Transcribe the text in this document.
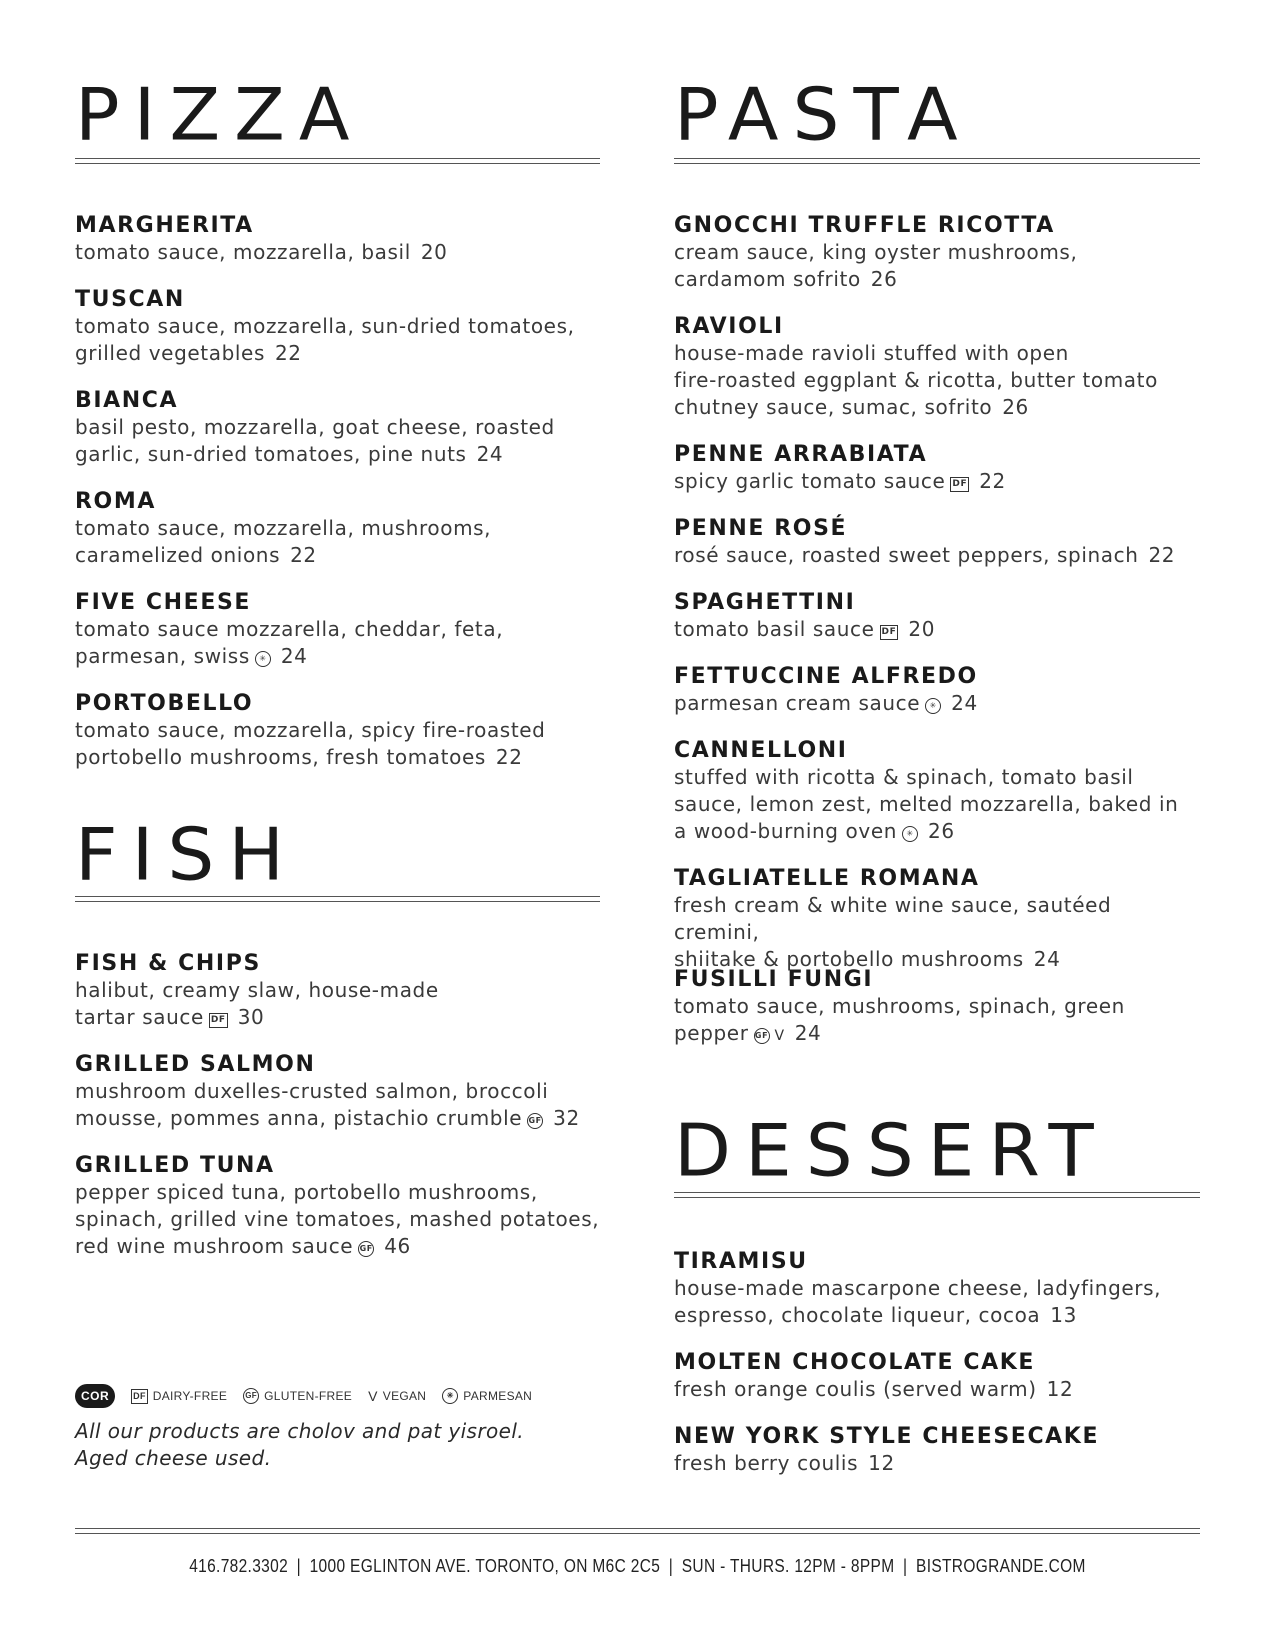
PIZZA
MARGHERITA
tomato sauce, mozzarella, basil 20
TUSCAN
tomato sauce, mozzarella, sun-dried tomatoes,
grilled vegetables 22
BIANCA
basil pesto, mozzarella, goat cheese, roasted
garlic, sun-dried tomatoes, pine nuts 24
ROMA
tomato sauce, mozzarella, mushrooms,
caramelized onions 22
FIVE CHEESE
tomato sauce mozzarella, cheddar, feta,
parmesan, swiss ✳ 24
PORTOBELLO
tomato sauce, mozzarella, spicy fire-roasted
portobello mushrooms, fresh tomatoes 22
FISH
FISH & CHIPS
halibut, creamy slaw, house-made
tartar sauce DF 30
GRILLED SALMON
mushroom duxelles-crusted salmon, broccoli
mousse, pommes anna, pistachio crumble GF 32
GRILLED TUNA
pepper spiced tuna, portobello mushrooms,
spinach, grilled vine tomatoes, mashed potatoes,
red wine mushroom sauce GF 46
COR	DF DAIRY-FREE GF GLUTEN-FREE V VEGAN	✳ PARMESAN
All our products are cholov and pat yisroel.
Aged cheese used.
PASTA
GNOCCHI TRUFFLE RICOTTA
cream sauce, king oyster mushrooms,
cardamom sofrito 26
RAVIOLI
house-made ravioli stuffed with open
fire-roasted eggplant & ricotta, butter tomato
chutney sauce, sumac, sofrito 26
PENNE ARRABIATA
spicy garlic tomato sauce DF 22
PENNE ROSÉ
rosé sauce, roasted sweet peppers, spinach 22
SPAGHETTINI
tomato basil sauce DF 20
FETTUCCINE ALFREDO
parmesan cream sauce ✳ 24
CANNELLONI
stuffed with ricotta & spinach, tomato basil
sauce, lemon zest, melted mozzarella, baked in
a wood-burning oven ✳ 26
TAGLIATELLE ROMANA
fresh cream & white wine sauce, sautéed cremini,
shiitake & portobello mushrooms 24
FUSILLI FUNGI
tomato sauce, mushrooms, spinach, green
pepper GF V 24
DESSERT
TIRAMISU
house-made mascarpone cheese, ladyfingers,
espresso, chocolate liqueur, cocoa 13
MOLTEN CHOCOLATE CAKE
fresh orange coulis (served warm) 12
NEW YORK STYLE CHEESECAKE
fresh berry coulis 12
416.782.3302 | 1000 EGLINTON AVE. TORONTO, ON M6C 2C5 | SUN - THURS. 12PM - 8PPM | BISTROGRANDE.COM
